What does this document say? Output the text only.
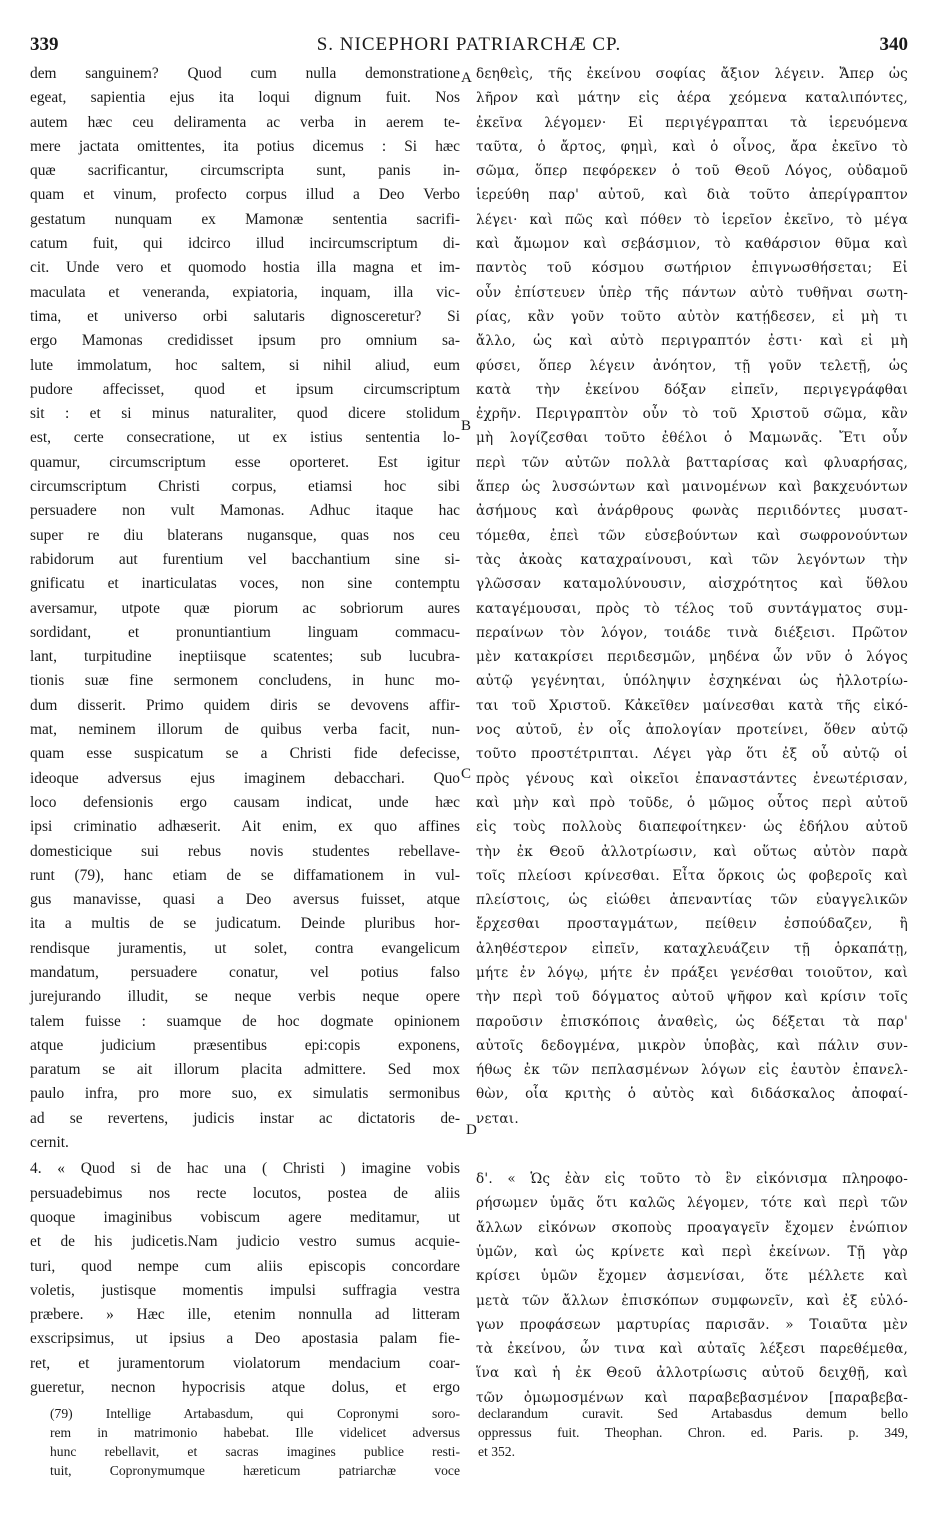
339	S. NICEPHORI PATRIARCHÆ CP.	340
dem sanguinem? Quod cum nulla demonstratione
egeat, sapientia ejus ita loqui dignum fuit. Nos
autem hæc ceu deliramenta ac verba in aerem te-
mere jactata omittentes, ita potius dicemus : Si hæc
quæ sacrificantur, circumscripta sunt, panis in-
quam et vinum, profecto corpus illud a Deo Verbo
gestatum nunquam ex Mamonæ sententia sacrifi-
catum fuit, qui idcirco illud incircumscriptum di-
cit. Unde vero et quomodo hostia illa magna et im-
maculata et veneranda, expiatoria, inquam, illa vic-
tima, et universo orbi salutaris dignosceretur? Si
ergo Mamonas credidisset ipsum pro omnium sa-
lute immolatum, hoc saltem, si nihil aliud, eum
pudore affecisset, quod et ipsum circumscriptum
sit : et si minus naturaliter, quod dicere stolidum
est, certe consecratione, ut ex istius sententia lo-
quamur, circumscriptum esse oporteret. Est igitur
circumscriptum Christi corpus, etiamsi hoc sibi
persuadere non vult Mamonas. Adhuc itaque hac
super re diu blaterans nugansque, quas nos ceu
rabidorum aut furentium vel bacchantium sine si-
gnificatu et inarticulatas voces, non sine contemptu
aversamur, utpote quæ piorum ac sobriorum aures
sordidant, et pronuntiantium linguam commacu-
lant, turpitudine ineptiisque scatentes; sub lucubra-
tionis suæ fine sermonem concludens, in hunc mo-
dum disserit. Primo quidem diris se devovens affir-
mat, neminem illorum de quibus verba facit, nun-
quam esse suspicatum se a Christi fide defecisse,
ideoque adversus ejus imaginem debacchari. Quo
loco defensionis ergo causam indicat, unde hæc
ipsi criminatio adhæserit. Ait enim, ex quo affines
domesticique sui rebus novis studentes rebellave-
runt (79), hanc etiam de se diffamationem in vul-
gus manavisse, quasi a Deo aversus fuisset, atque
ita a multis de se judicatum. Deinde pluribus hor-
rendisque juramentis, ut solet, contra evangelicum
mandatum, persuadere conatur, vel potius falso
jurejurando illudit, se neque verbis neque opere
talem fuisse : suamque de hoc dogmate opinionem
atque judicium præsentibus epi:copis exponens,
paratum se ait illorum placita admittere. Sed mox
paulo infra, pro more suo, ex simulatis sermonibus
ad se revertens, judicis instar ac dictatoris de-
cernit.
4. « Quod si de hac una ( Christi ) imagine vobis
persuadebimus nos recte locutos, postea de aliis
quoque imaginibus vobiscum agere meditamur, ut
et de his judicetis.Nam judicio vestro sumus acquie-
turi, quod nempe cum aliis episcopis concordare
voletis, justisque momentis impulsi suffragia vestra
præbere. » Hæc ille, etenim nonnulla ad litteram
exscripsimus, ut ipsius a Deo apostasia palam fie-
ret, et juramentorum violatorum mendacium coar-
gueretur, necnon hypocrisis atque dolus, et ergo
δεηθεὶς, τῆς ἐκείνου σοφίας ἄξιον λέγειν. Ἄπερ ὡς
λῆρον καὶ μάτην εἰς ἀέρα χεόμενα καταλιπόντες,
ἐκεῖνα λέγομεν· Εἰ περιγέγραπται τὰ ἱερευόμενα
ταῦτα, ὁ ἄρτος, φημὶ, καὶ ὁ οἶνος, ἄρα ἐκεῖνο τὸ
σῶμα, ὅπερ πεφόρεκεν ὁ τοῦ Θεοῦ Λόγος, οὐδαμοῦ
ἱερεύθη παρ' αὐτοῦ, καὶ διὰ τοῦτο ἀπερίγραπτον
λέγει· καὶ πῶς καὶ πόθεν τὸ ἱερεῖον ἐκεῖνο, τὸ μέγα
καὶ ἄμωμον καὶ σεβάσμιον, τὸ καθάρσιον θῦμα καὶ
παντὸς τοῦ κόσμου σωτήριον ἐπιγνωσθήσεται; Εἰ
οὖν ἐπίστευεν ὑπὲρ τῆς πάντων αὐτὸ τυθῆναι σωτη-
ρίας, κἂν γοῦν τοῦτο αὐτὸν κατῄδεσεν, εἰ μὴ τι
ἄλλο, ὡς καὶ αὐτὸ περιγραπτόν ἐστι· καὶ εἰ μὴ
φύσει, ὅπερ λέγειν ἀνόητον, τῇ γοῦν τελετῇ, ὡς
κατὰ τὴν ἐκείνου δόξαν εἰπεῖν, περιγεγράφθαι
ἐχρῆν. Περιγραπτὸν οὖν τὸ τοῦ Χριστοῦ σῶμα, κἂν
μὴ λογίζεσθαι τοῦτο ἐθέλοι ὁ Μαμωνᾶς. Ἔτι οὖν
περὶ τῶν αὐτῶν πολλὰ βατταρίσας καὶ φλυαρήσας,
ἅπερ ὡς λυσσώντων καὶ μαινομένων καὶ βακχευόντων
ἀσήμους καὶ ἀνάρθρους φωνὰς περιιδόντες μυσατ-
τόμεθα, ἐπεὶ τῶν εὐσεβούντων καὶ σωφρονούντων
τὰς ἀκοὰς καταχραίνουσι, καὶ τῶν λεγόντων τὴν
γλῶσσαν καταμολύνουσιν, αἰσχρότητος καὶ ὕθλου
καταγέμουσαι, πρὸς τὸ τέλος τοῦ συντάγματος συμ-
περαίνων τὸν λόγον, τοιάδε τινὰ διέξεισι. Πρῶτον
μὲν κατακρίσει περιδεσμῶν, μηδένα ὧν νῦν ὁ λόγος
αὐτῷ γεγένηται, ὑπόληψιν ἐσχηκέναι ὡς ἠλλοτρίω-
ται τοῦ Χριστοῦ. Κἀκεῖθεν μαίνεσθαι κατὰ τῆς εἰκό-
νος αὐτοῦ, ἐν οἷς ἀπολογίαν προτείνει, ὅθεν αὐτῷ
τοῦτο προστέτριπται. Λέγει γὰρ ὅτι ἐξ οὗ αὐτῷ οἱ
πρὸς γένους καὶ οἰκεῖοι ἐπαναστάντες ἐνεωτέρισαν,
καὶ μὴν καὶ πρὸ τοῦδε, ὁ μῶμος οὗτος περὶ αὐτοῦ
εἰς τοὺς πολλοὺς διαπεφοίτηκεν· ὡς ἐδήλου αὐτοῦ
τὴν ἐκ Θεοῦ ἀλλοτρίωσιν, καὶ οὕτως αὐτὸν παρὰ
τοῖς πλείοσι κρίνεσθαι. Εἶτα ὅρκοις ὡς φοβεροῖς καὶ
πλείστοις, ὡς εἰώθει ἀπεναντίας τῶν εὐαγγελικῶν
ἔρχεσθαι προσταγμάτων, πείθειν ἐσπούδαζεν, ἢ
ἀληθέστερον εἰπεῖν, καταχλευάζειν τῇ ὁρκαπάτῃ,
μήτε ἐν λόγῳ, μήτε ἐν πράξει γενέσθαι τοιοῦτον, καὶ
τὴν περὶ τοῦ δόγματος αὐτοῦ ψῆφον καὶ κρίσιν τοῖς
παροῦσιν ἐπισκόποις ἀναθεὶς, ὡς δέξεται τὰ παρ'
αὐτοῖς δεδογμένα, μικρὸν ὑποβὰς, καὶ πάλιν συν-
ήθως ἐκ τῶν πεπλασμένων λόγων εἰς ἑαυτὸν ἐπανελ-
θὼν, οἷα κριτὴς ὁ αὐτὸς καὶ διδάσκαλος ἀποφαί-
νεται.
δ'. « Ὡς ἐὰν εἰς τοῦτο τὸ ἓν εἰκόνισμα πληροφο-
ρήσωμεν ὑμᾶς ὅτι καλῶς λέγομεν, τότε καὶ περὶ τῶν
ἄλλων εἰκόνων σκοποὺς προαγαγεῖν ἔχομεν ἐνώπιον
ὑμῶν, καὶ ὡς κρίνετε καὶ περὶ ἐκείνων. Τῇ γὰρ
κρίσει ὑμῶν ἔχομεν ἀσμενίσαι, ὅτε μέλλετε καὶ
μετὰ τῶν ἄλλων ἐπισκόπων συμφωνεῖν, καὶ ἐξ εὐλό-
γων προφάσεων μαρτυρίας παρισᾶν. » Τοιαῦτα μὲν
τὰ ἐκείνου, ὧν τινα καὶ αὐταῖς λέξεσι παρεθέμεθα,
ἵνα καὶ ἡ ἐκ Θεοῦ ἀλλοτρίωσις αὐτοῦ δειχθῇ, καὶ
τῶν ὀμωμοσμένων καὶ παραβεβασμένον [παραβεβα-
A
B
C
D
(79) Intellige Artabasdum, qui Copronymi soro-
rem in matrimonio habebat. Ille videlicet adversus
hunc rebellavit, et sacras imagines publice resti-
tuit, Copronymumque hæreticum patriarchæ voce
declarandum curavit. Sed Artabasdus demum bello
oppressus fuit. Theophan. Chron. ed. Paris. p. 349,
et 352.
